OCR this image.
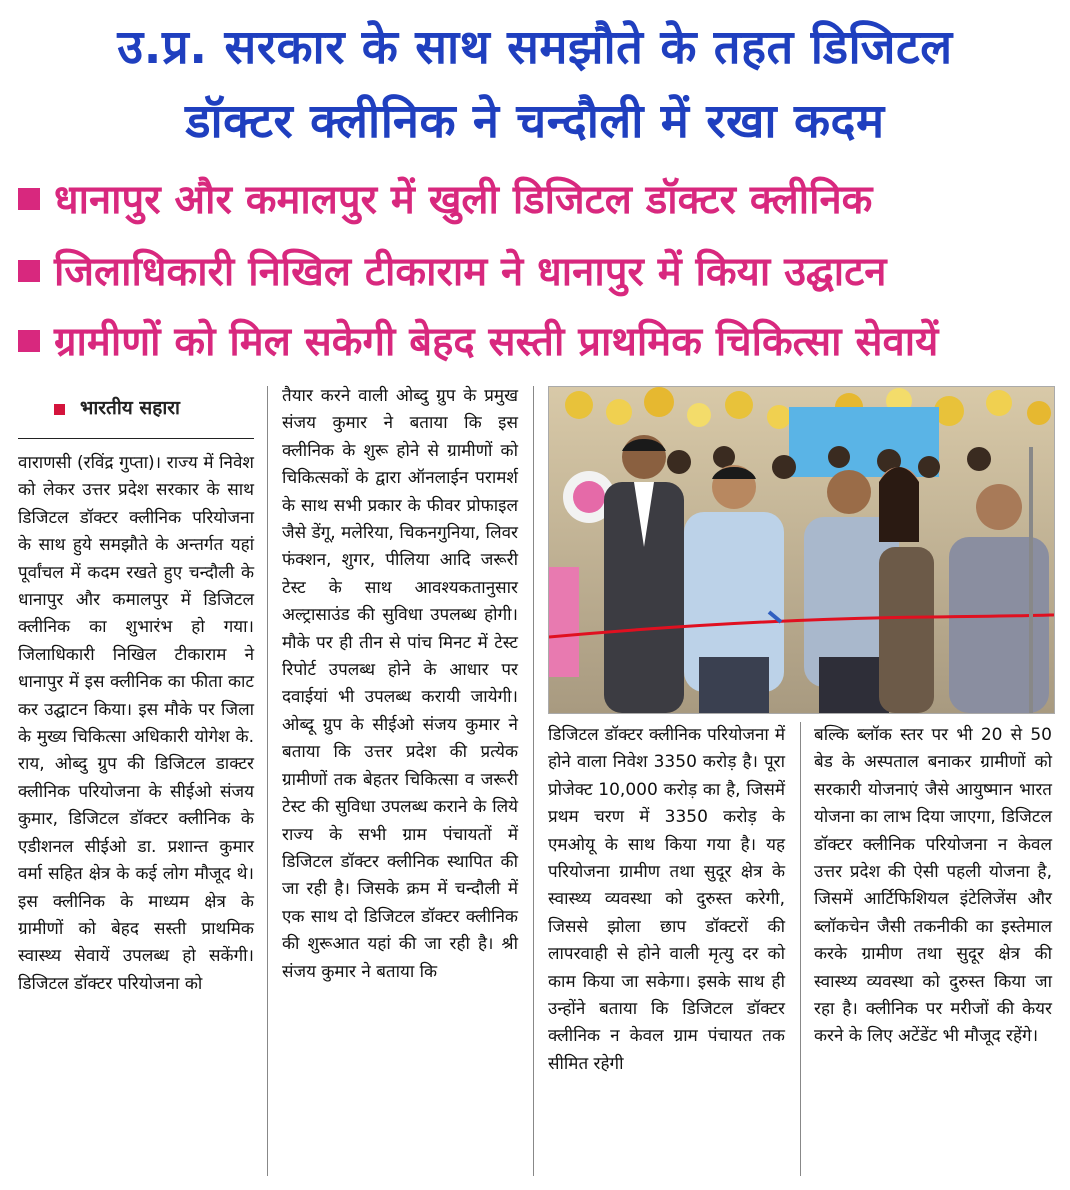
उ.प्र. सरकार के साथ समझौते के तहत डिजिटल
डॉक्टर क्लीनिक ने चन्दौली में रखा कदम
धानापुर और कमालपुर में खुली डिजिटल डॉक्टर क्लीनिक
जिलाधिकारी निखिल टीकाराम ने धानापुर में किया उद्घाटन
ग्रामीणों को मिल सकेगी बेहद सस्ती प्राथमिक चिकित्सा सेवायें
भारतीय सहारा

वाराणसी (रविंद्र गुप्ता)। राज्य में निवेश को लेकर उत्तर प्रदेश सरकार के साथ डिजिटल डॉक्टर क्लीनिक परियोजना के साथ हुये समझौते के अन्तर्गत यहां पूर्वांचल में कदम रखते हुए चन्दौली के धानापुर और कमालपुर में डिजिटल क्लीनिक का शुभारंभ हो गया। जिलाधिकारी निखिल टीकाराम ने धानापुर में इस क्लीनिक का फीता काट कर उद्घाटन किया। इस मौके पर जिला के मुख्य चिकित्सा अधिकारी योगेश के. राय, ओब्दु ग्रुप की डिजिटल डाक्टर क्लीनिक परियोजना के सीईओ संजय कुमार, डिजिटल डॉक्टर क्लीनिक के एडीशनल सीईओ डा. प्रशान्त कुमार वर्मा सहित क्षेत्र के कई लोग मौजूद थे। इस क्लीनिक के माध्यम क्षेत्र के ग्रामीणों को बेहद सस्ती प्राथमिक स्वास्थ्य सेवायें उपलब्ध हो सकेंगी। डिजिटल डॉक्टर परियोजना को

तैयार करने वाली ओब्दु ग्रुप के प्रमुख संजय कुमार ने बताया कि इस क्लीनिक के शुरू होने से ग्रामीणों को चिकित्सकों के द्वारा ऑनलाईन परामर्श के साथ सभी प्रकार के फीवर प्रोफाइल जैसे डेंगू, मलेरिया, चिकनगुनिया, लिवर फंक्शन, शुगर, पीलिया आदि जरूरी टेस्ट के साथ आवश्यकतानुसार अल्ट्रासाउंड की सुविधा उपलब्ध होगी। मौके पर ही तीन से पांच मिनट में टेस्ट रिपोर्ट उपलब्ध होने के आधार पर दवाईयां भी उपलब्ध करायी जायेगी। ओब्दू ग्रुप के सीईओ संजय कुमार ने बताया कि उत्तर प्रदेश की प्रत्येक ग्रामीणों तक बेहतर चिकित्सा व जरूरी टेस्ट की सुविधा उपलब्ध कराने के लिये राज्य के सभी ग्राम पंचायतों में डिजिटल डॉक्टर क्लीनिक स्थापित की जा रही है। जिसके क्रम में चन्दौली में एक साथ दो डिजिटल डॉक्टर क्लीनिक की शुरूआत यहां की जा रही है। श्री संजय कुमार ने बताया कि

डिजिटल डॉक्टर क्लीनिक परियोजना में होने वाला निवेश 3350 करोड़ है। पूरा प्रोजेक्ट 10,000 करोड़ का है, जिसमें प्रथम चरण में 3350 करोड़ के एमओयू के साथ किया गया है। यह परियोजना ग्रामीण तथा सुदूर क्षेत्र के स्वास्थ्य व्यवस्था को दुरुस्त करेगी, जिससे झोला छाप डॉक्टरों की लापरवाही से होने वाली मृत्यु दर को काम किया जा सकेगा। इसके साथ ही उन्होंने बताया कि डिजिटल डॉक्टर क्लीनिक न केवल ग्राम पंचायत तक सीमित रहेगी

बल्कि ब्लॉक स्तर पर भी 20 से 50 बेड के अस्पताल बनाकर ग्रामीणों को सरकारी योजनाएं जैसे आयुष्मान भारत योजना का लाभ दिया जाएगा, डिजिटल डॉक्टर क्लीनिक परियोजना न केवल उत्तर प्रदेश की ऐसी पहली योजना है, जिसमें आर्टिफिशियल इंटेलिजेंस और ब्लॉकचेन जैसी तकनीकी का इस्तेमाल करके ग्रामीण तथा सुदूर क्षेत्र की स्वास्थ्य व्यवस्था को दुरुस्त किया जा रहा है। क्लीनिक पर मरीजों की केयर करने के लिए अटेंडेंट भी मौजूद रहेंगे।
